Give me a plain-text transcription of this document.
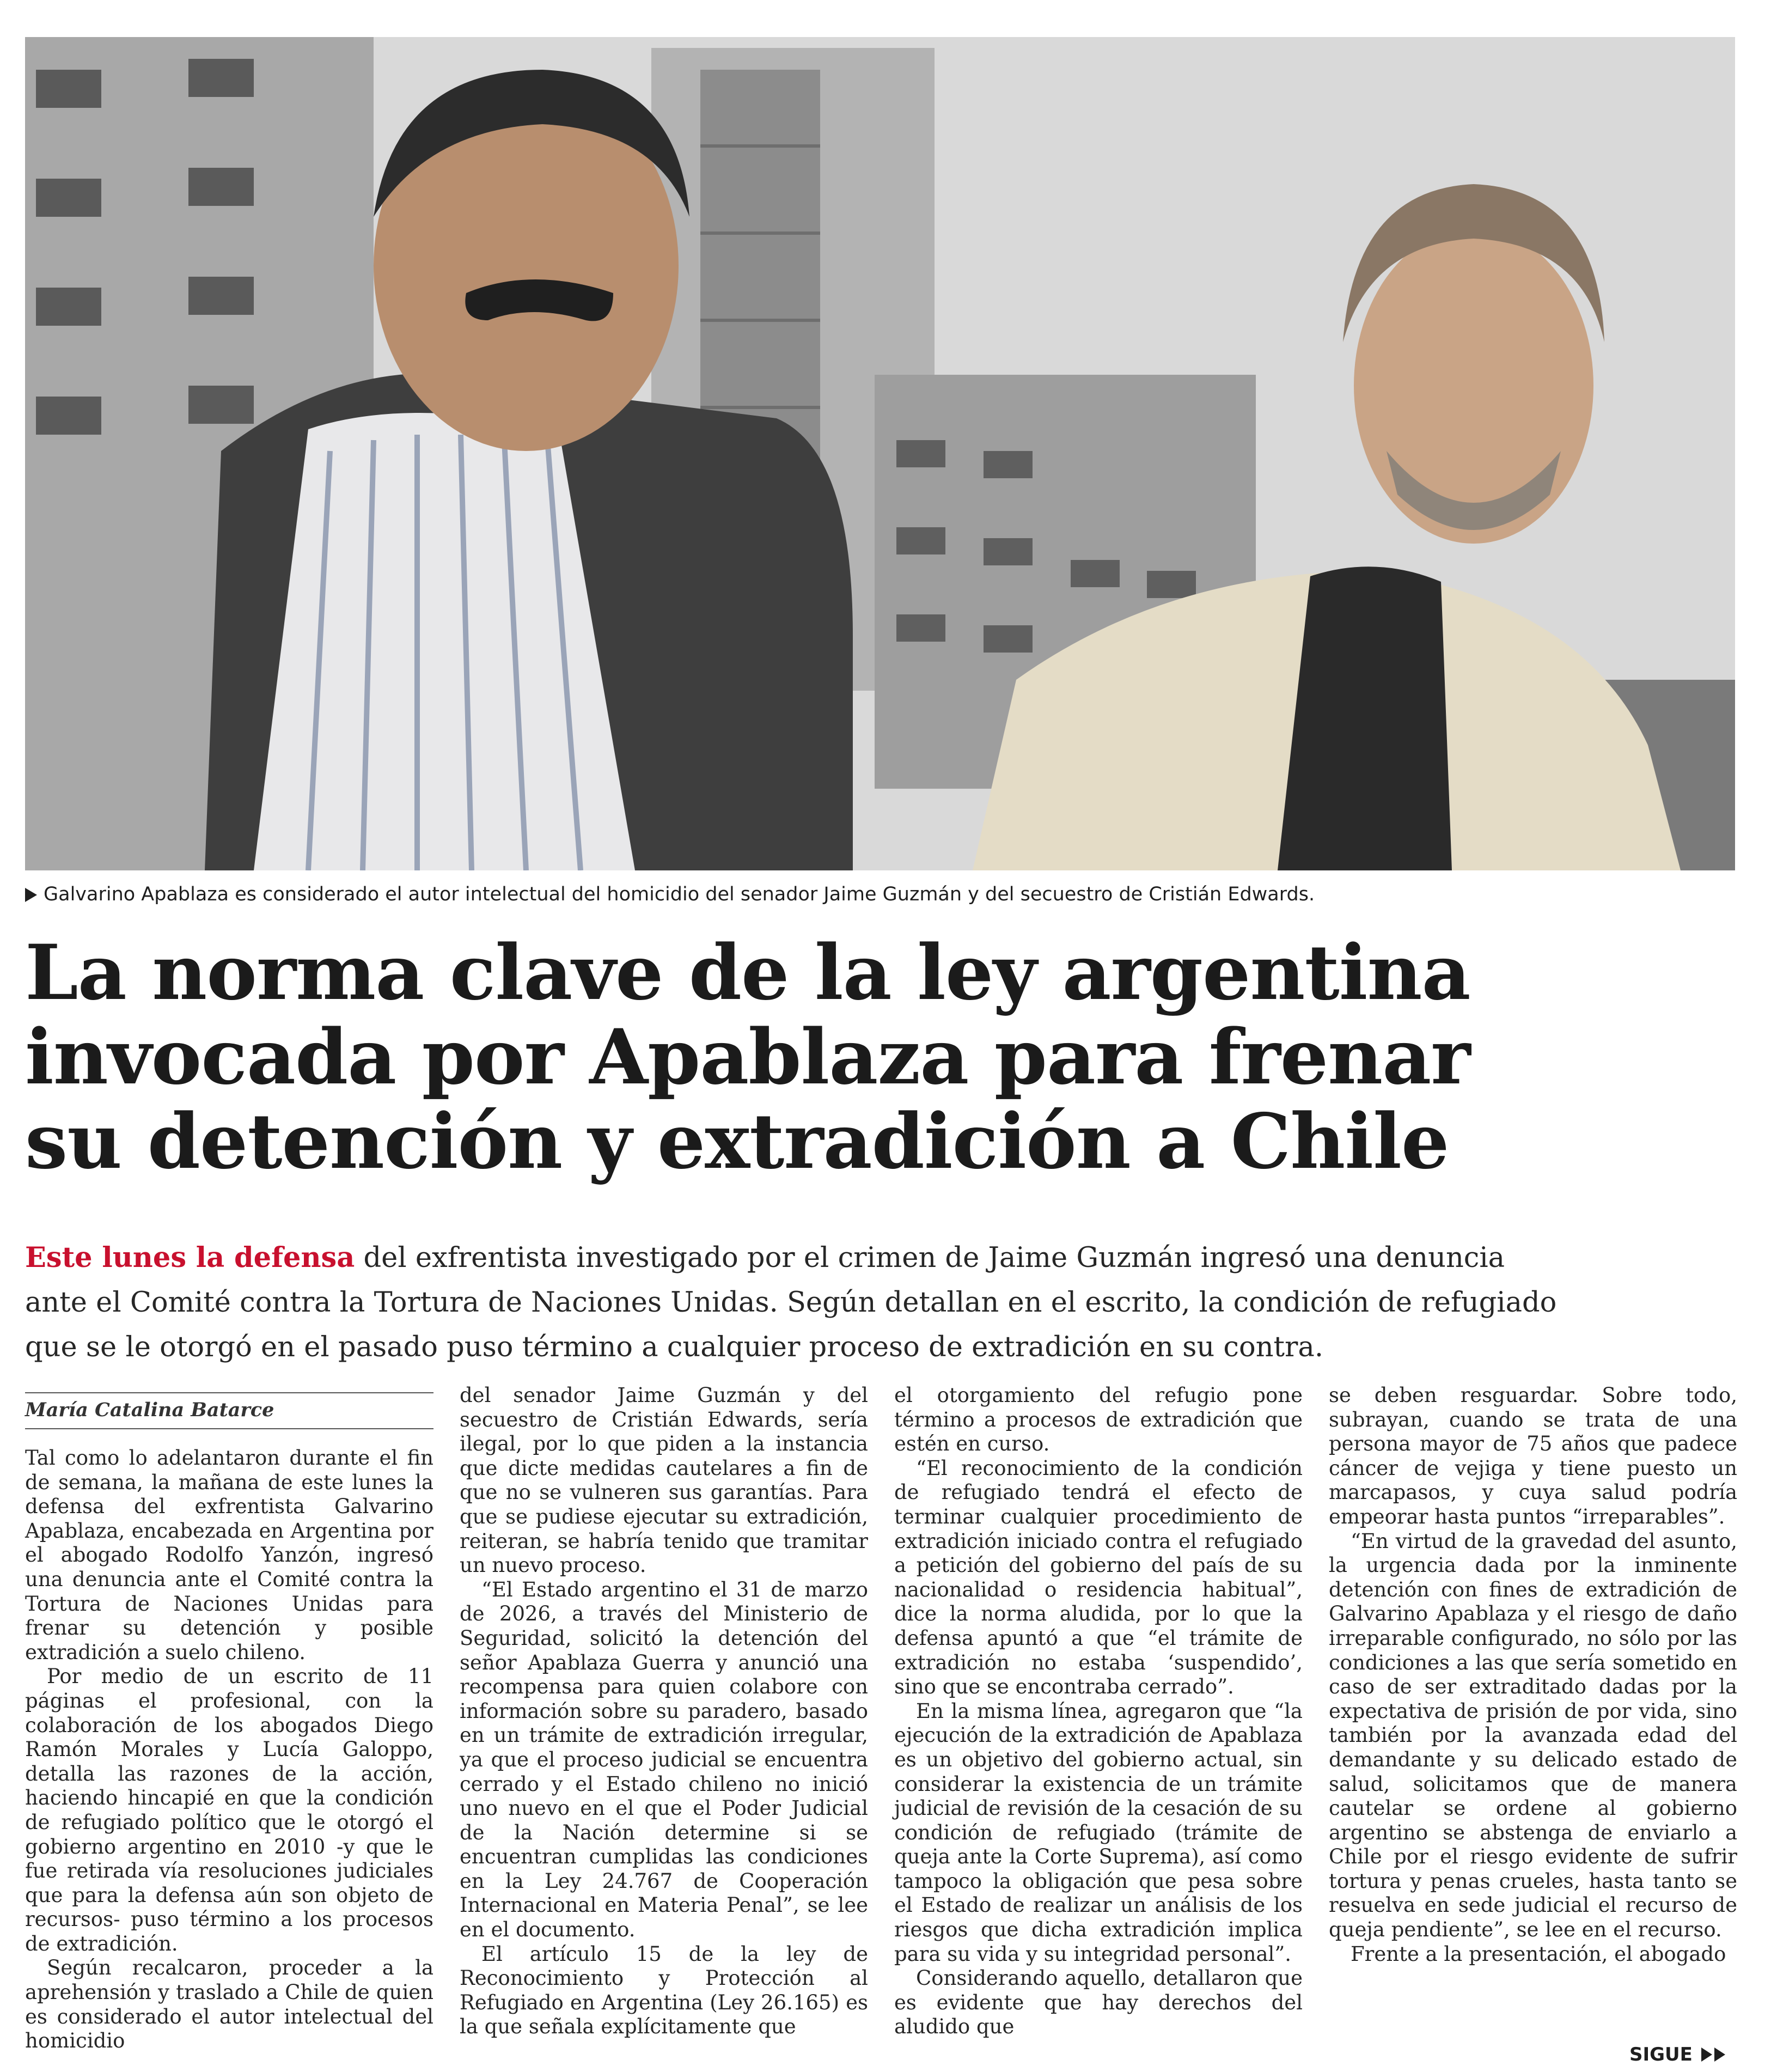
Galvarino Apablaza es considerado el autor intelectual del homicidio del senador Jaime Guzmán y del secuestro de Cristián Edwards.
La norma clave de la ley argentina
invocada por Apablaza para frenar
su detención y extradición a Chile
Este lunes la defensa del exfrentista investigado por el crimen de Jaime Guzmán ingresó una denuncia
ante el Comité contra la Tortura de Naciones Unidas. Según detallan en el escrito, la condición de refugiado
que se le otorgó en el pasado puso término a cualquier proceso de extradición en su contra.
María Catalina Batarce

Tal como lo adelantaron durante el fin de semana, la mañana de este lunes la defensa del exfrentista Galvarino Apablaza, encabezada en Argentina por el abogado Rodolfo Yanzón, ingresó una denuncia ante el Comité contra la Tortura de Naciones Unidas para frenar su detención y posible extradición a suelo chileno.

Por medio de un escrito de 11 páginas el profesional, con la colaboración de los abogados Diego Ramón Morales y Lucía Galoppo, detalla las razones de la acción, haciendo hincapié en que la condición de refugiado político que le otorgó el gobierno argentino en 2010 -y que le fue retirada vía resoluciones judiciales que para la defensa aún son objeto de recursos- puso término a los procesos de extradición.

Según recalcaron, proceder a la aprehensión y traslado a Chile de quien es considerado el autor intelectual del homicidio

del senador Jaime Guzmán y del secuestro de Cristián Edwards, sería ilegal, por lo que piden a la instancia que dicte medidas cautelares a fin de que no se vulneren sus garantías. Para que se pudiese ejecutar su extradición, reiteran, se habría tenido que tramitar un nuevo proceso.

“El Estado argentino el 31 de marzo de 2026, a través del Ministerio de Seguridad, solicitó la detención del señor Apablaza Guerra y anunció una recompensa para quien colabore con información sobre su paradero, basado en un trámite de extradición irregular, ya que el proceso judicial se encuentra cerrado y el Estado chileno no inició uno nuevo en el que el Poder Judicial de la Nación determine si se encuentran cumplidas las condiciones en la Ley 24.767 de Cooperación Internacional en Materia Penal”, se lee en el documento.

El artículo 15 de la ley de Reconocimiento y Protección al Refugiado en Argentina (Ley 26.165) es la que señala explícitamente que

el otorgamiento del refugio pone término a procesos de extradición que estén en curso.

“El reconocimiento de la condición de refugiado tendrá el efecto de terminar cualquier procedimiento de extradición iniciado contra el refugiado a petición del gobierno del país de su nacionalidad o residencia habitual”, dice la norma aludida, por lo que la defensa apuntó a que “el trámite de extradición no estaba ‘suspendido’, sino que se encontraba cerrado”.

En la misma línea, agregaron que “la ejecución de la extradición de Apablaza es un objetivo del gobierno actual, sin considerar la existencia de un trámite judicial de revisión de la cesación de su condición de refugiado (trámite de queja ante la Corte Suprema), así como tampoco la obligación que pesa sobre el Estado de realizar un análisis de los riesgos que dicha extradición implica para su vida y su integridad personal”.

Considerando aquello, detallaron que es evidente que hay derechos del aludido que

se deben resguardar. Sobre todo, subrayan, cuando se trata de una persona mayor de 75 años que padece cáncer de vejiga y tiene puesto un marcapasos, y cuya salud podría empeorar hasta puntos “irreparables”.

“En virtud de la gravedad del asunto, la urgencia dada por la inminente detención con fines de extradición de Galvarino Apablaza y el riesgo de daño irreparable configurado, no sólo por las condiciones a las que sería sometido en caso de ser extraditado dadas por la expectativa de prisión de por vida, sino también por la avanzada edad del demandante y su delicado estado de salud, solicitamos que de manera cautelar se ordene al gobierno argentino se abstenga de enviarlo a Chile por el riesgo evidente de sufrir tortura y penas crueles, hasta tanto se resuelva en sede judicial el recurso de queja pendiente”, se lee en el recurso.

Frente a la presentación, el abogado

SIGUE
